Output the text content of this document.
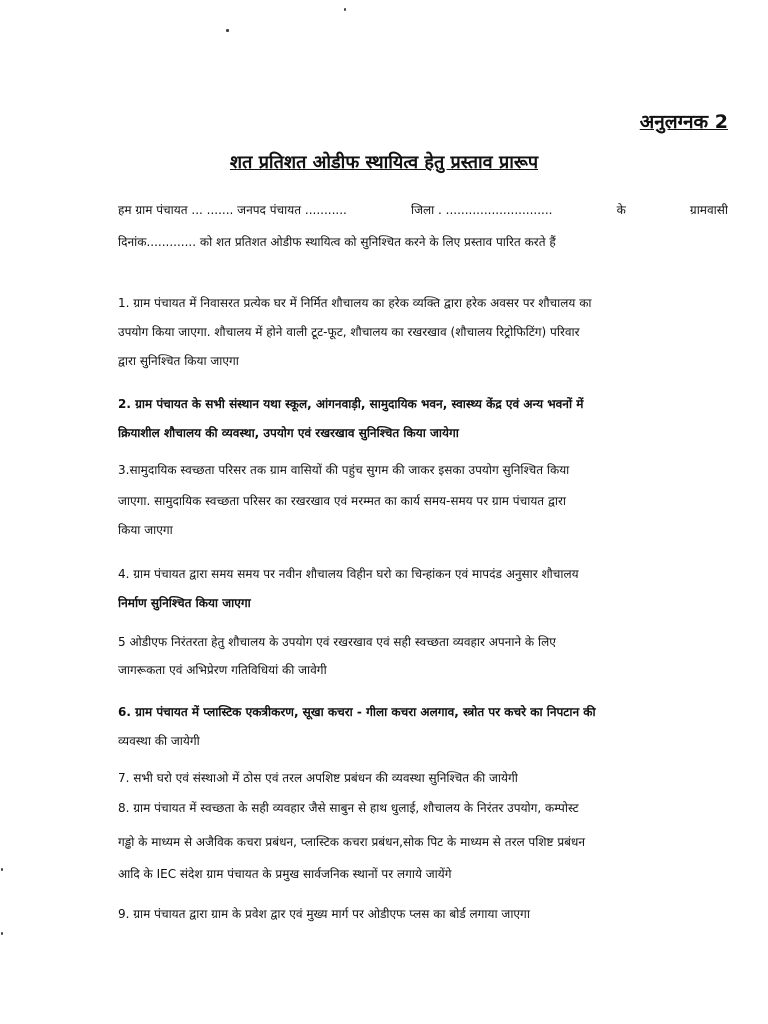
अनुलग्नक 2
शत प्रतिशत ओडीफ स्थायित्व हेतु प्रस्ताव प्रारूप
हम ग्राम पंचायत ... ....... जनपद पंचायत ...........	जिला . ............................	के	ग्रामवासी
दिनांक............. को शत प्रतिशत ओडीफ स्थायित्व को सुनिश्चित करने के लिए प्रस्ताव पारित करते हैं
1. ग्राम पंचायत में निवासरत प्रत्येक घर में निर्मित शौचालय का हरेक व्यक्ति द्वारा हरेक अवसर पर शौचालय का
उपयोग किया जाएगा. शौचालय में होने वाली टूट-फूट, शौचालय का रखरखाव (शौचालय रिट्रोफिटिंग) परिवार
द्वारा सुनिश्चित किया जाएगा
2. ग्राम पंचायत के सभी संस्थान यथा स्कूल, आंगनवाड़ी, सामुदायिक भवन, स्वास्थ्य केंद्र एवं अन्य भवनों में
क्रियाशील शौचालय की व्यवस्था, उपयोग एवं रखरखाव सुनिश्चित किया जायेगा
3.सामुदायिक स्वच्छता परिसर तक ग्राम वासियों की पहुंच सुगम की जाकर इसका उपयोग सुनिश्चित किया
जाएगा. सामुदायिक स्वच्छता परिसर का रखरखाव एवं मरम्मत का कार्य समय-समय पर ग्राम पंचायत द्वारा
किया जाएगा
4. ग्राम पंचायत द्वारा समय समय पर नवीन शौचालय विहीन घरो का चिन्हांकन एवं मापदंड अनुसार शौचालय
निर्माण सुनिश्चित किया जाएगा
5 ओडीएफ निरंतरता हेतु शौचालय के उपयोग एवं रखरखाव एवं सही स्वच्छता व्यवहार अपनाने के लिए
जागरूकता एवं अभिप्रेरण गतिविधियां की जावेगी
6. ग्राम पंचायत में प्लास्टिक एकत्रीकरण, सूखा कचरा - गीला कचरा अलगाव, स्त्रोत पर कचरे का निपटान की
व्यवस्था की जायेगी
7. सभी घरो एवं संस्थाओ में ठोस एवं तरल अपशिष्ट प्रबंधन की व्यवस्था सुनिश्चित की जायेगी
8. ग्राम पंचायत में स्वच्छता के सही व्यवहार जैसे साबुन से हाथ धुलाई, शौचालय के निरंतर उपयोग, कम्पोस्ट
गड्ढो के माध्यम से अजैविक कचरा प्रबंधन, प्लास्टिक कचरा प्रबंधन,सोक पिट के माध्यम से तरल पशिष्ट प्रबंधन
आदि के IEC संदेश ग्राम पंचायत के प्रमुख सार्वजनिक स्थानों पर लगाये जायेंगे
9. ग्राम पंचायत द्वारा ग्राम के प्रवेश द्वार एवं मुख्य मार्ग पर ओडीएफ प्लस का बोर्ड लगाया जाएगा
